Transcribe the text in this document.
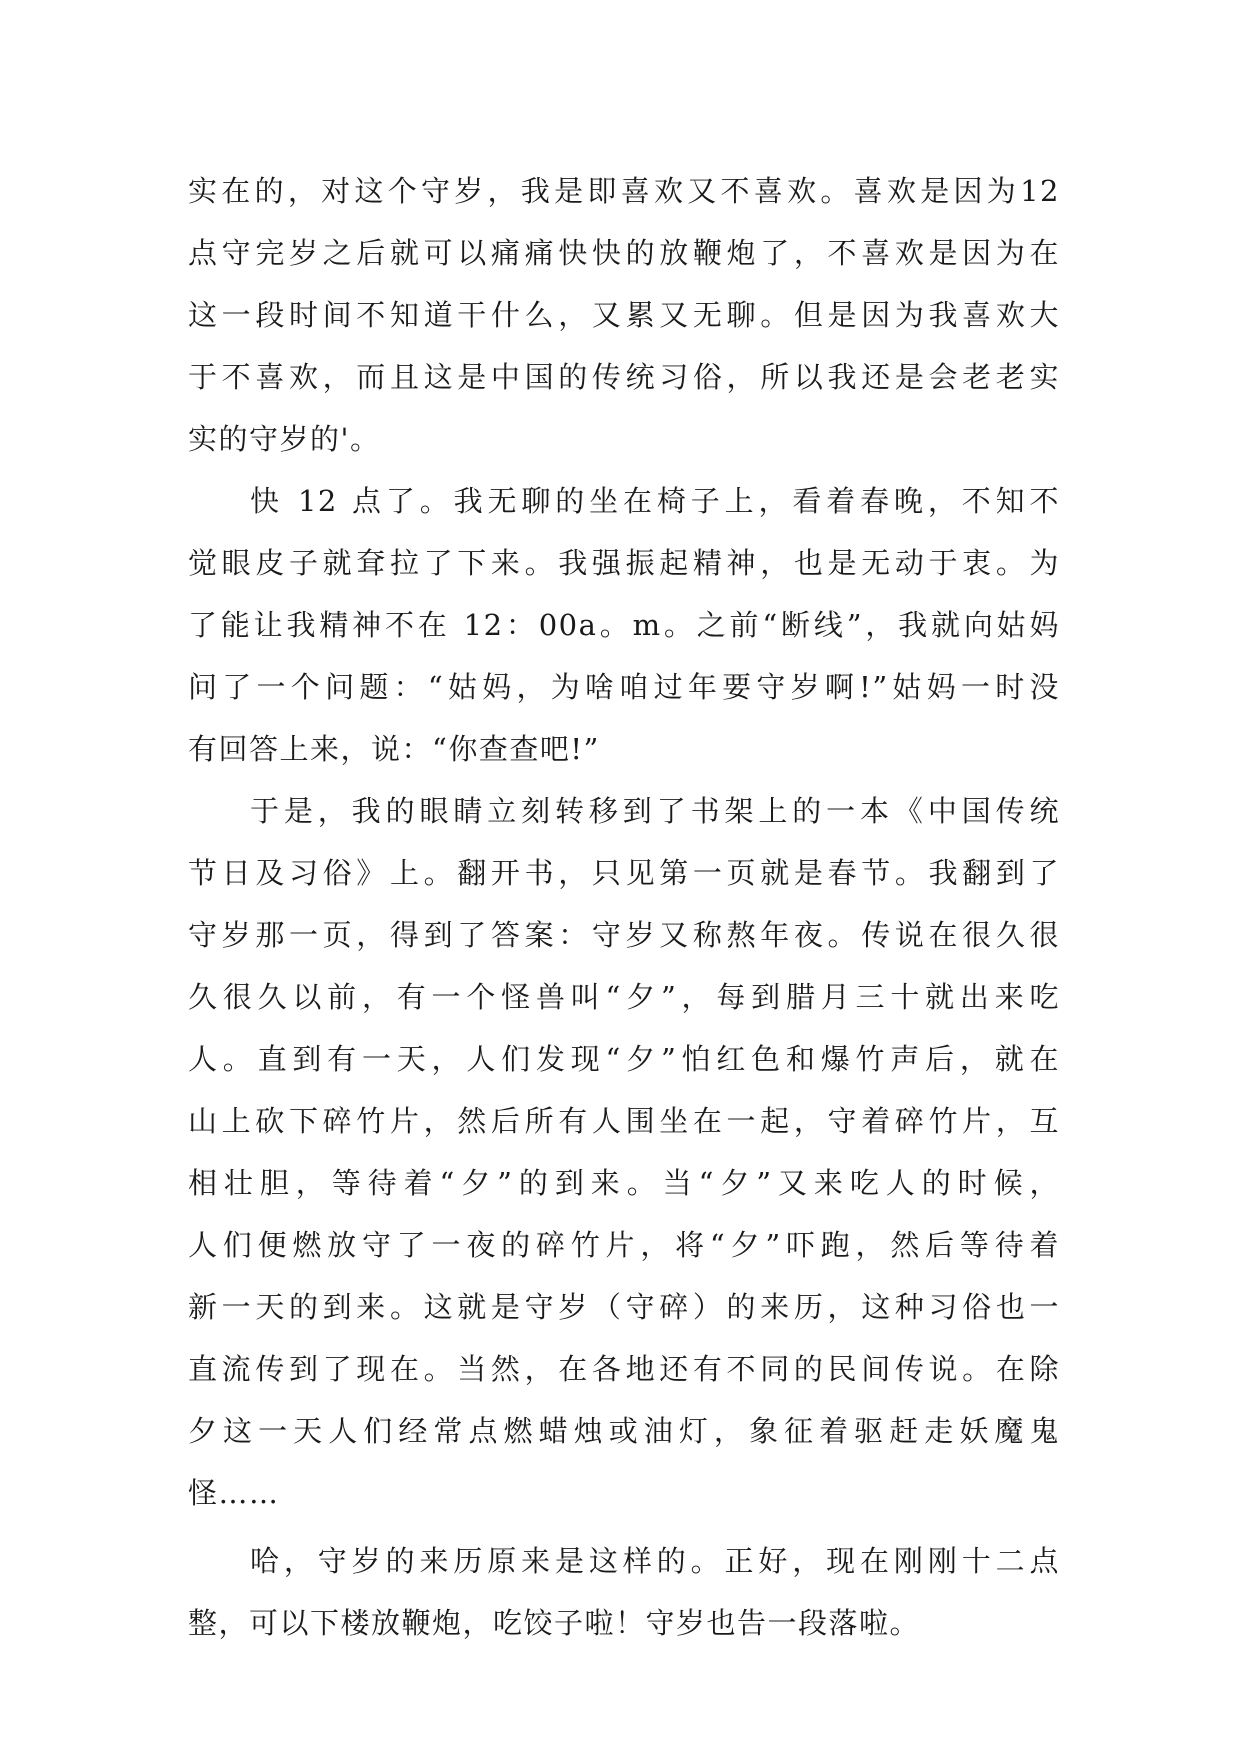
实在的，对这个守岁，我是即喜欢又不喜欢。喜欢是因为12
点守完岁之后就可以痛痛快快的放鞭炮了，不喜欢是因为在
这一段时间不知道干什么，又累又无聊。但是因为我喜欢大
于不喜欢，而且这是中国的传统习俗，所以我还是会老老实
实的守岁的'。
快 12 点了。我无聊的坐在椅子上，看着春晚，不知不
觉眼皮子就耷拉了下来。我强振起精神，也是无动于衷。为
了能让我精神不在 12：00a。m。之前“断线”，我就向姑妈
问了一个问题：“姑妈，为啥咱过年要守岁啊!”姑妈一时没
有回答上来，说：“你查查吧!”
于是，我的眼睛立刻转移到了书架上的一本《中国传统
节日及习俗》上。翻开书，只见第一页就是春节。我翻到了
守岁那一页，得到了答案：守岁又称熬年夜。传说在很久很
久很久以前，有一个怪兽叫“夕”，每到腊月三十就出来吃
人。直到有一天，人们发现“夕”怕红色和爆竹声后，就在
山上砍下碎竹片，然后所有人围坐在一起，守着碎竹片，互
相壮胆，等待着“夕”的到来。当“夕”又来吃人的时候，
人们便燃放守了一夜的碎竹片，将“夕”吓跑，然后等待着
新一天的到来。这就是守岁（守碎）的来历，这种习俗也一
直流传到了现在。当然，在各地还有不同的民间传说。在除
夕这一天人们经常点燃蜡烛或油灯，象征着驱赶走妖魔鬼
怪……
哈，守岁的来历原来是这样的。正好，现在刚刚十二点
整，可以下楼放鞭炮，吃饺子啦！守岁也告一段落啦。
